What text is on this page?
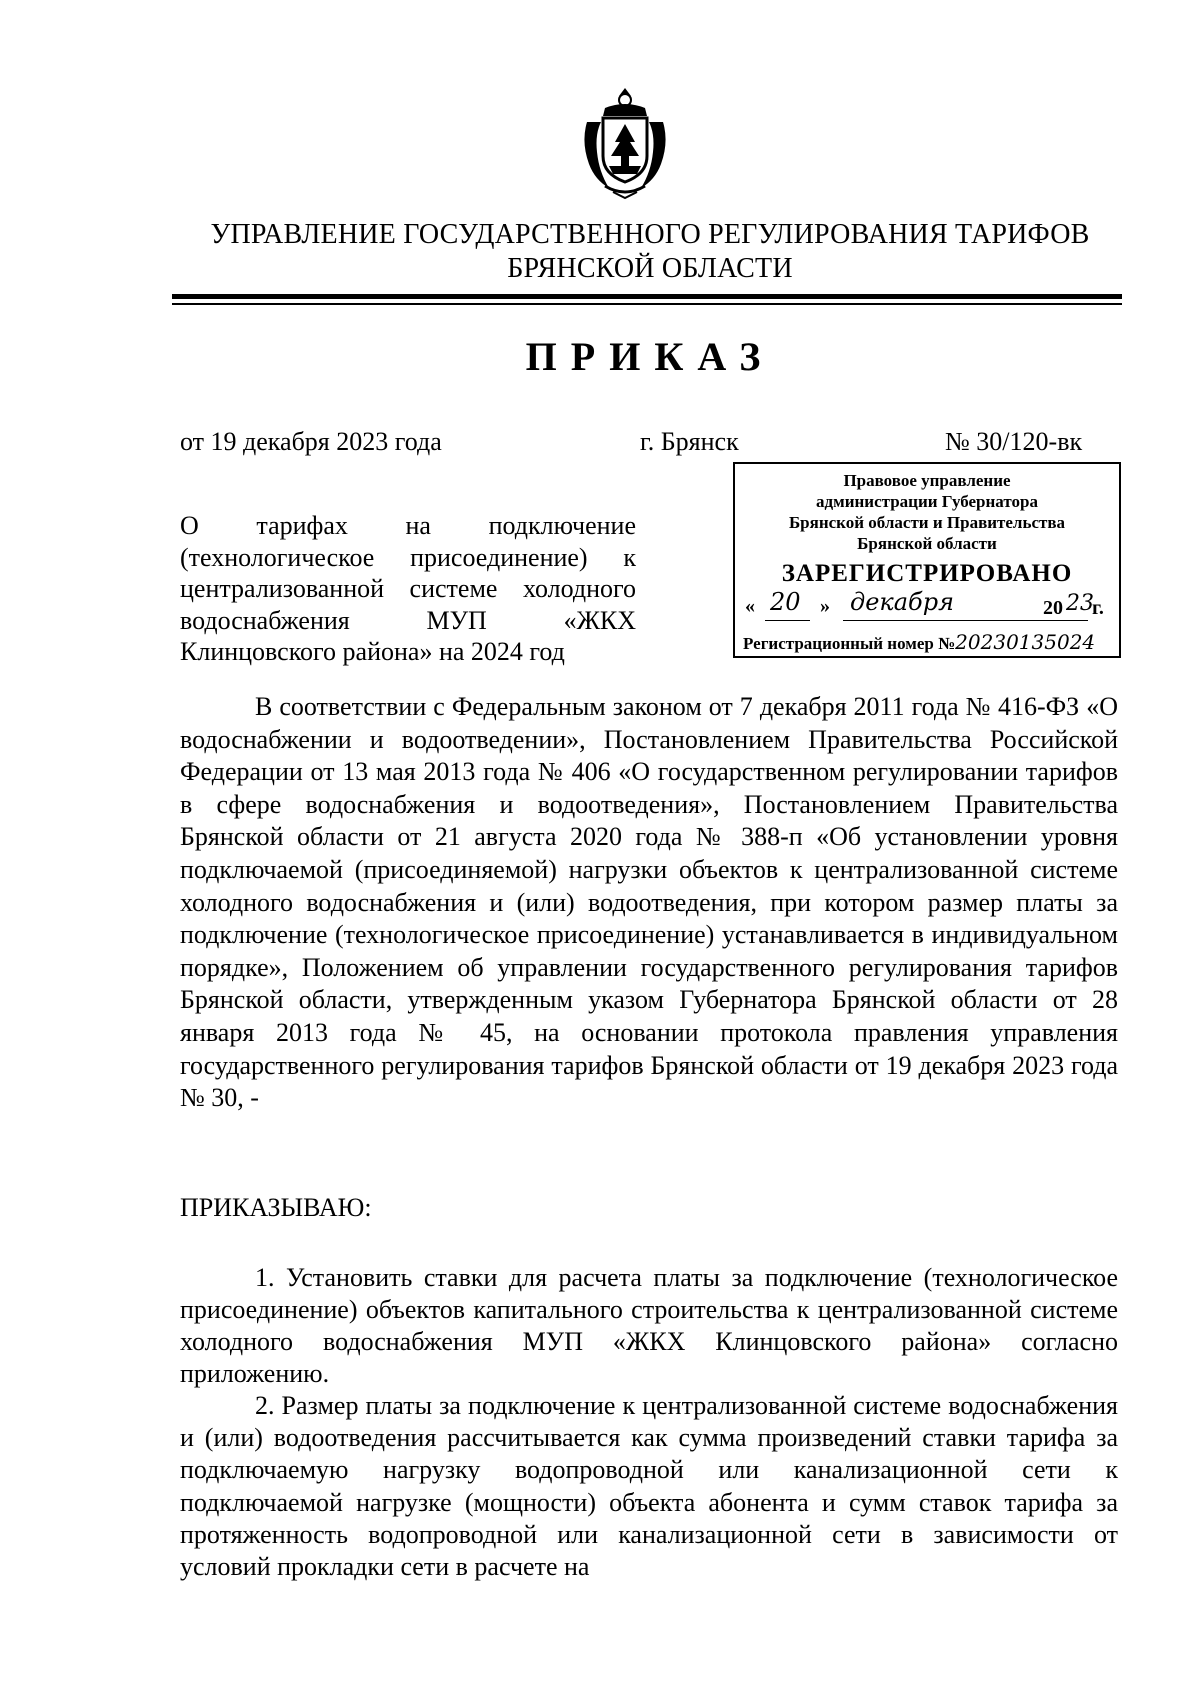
УПРАВЛЕНИЕ ГОСУДАРСТВЕННОГО РЕГУЛИРОВАНИЯ ТАРИФОВ
БРЯНСКОЙ ОБЛАСТИ
ПРИКАЗ
от 19 декабря 2023 года	г. Брянск	№ 30/120-вк
Правовое управление
администрации Губернатора
Брянской области и Правительства
Брянской области
ЗАРЕГИСТРИРОВАНО
« 20 » декабря	20 23
г.
Регистрационный номер №20230135024
О тарифах на подключение (технологическое присоединение) к централизованной системе холодного водоснабжения МУП «ЖКХ
Клинцовского района» на 2024 год
В соответствии с Федеральным законом от 7 декабря 2011 года № 416-ФЗ «О водоснабжении и водоотведении», Постановлением Правительства Российской Федерации от 13 мая 2013 года № 406 «О государственном регулировании тарифов в сфере водоснабжения и водоотведения», Постановлением Правительства Брянской области от 21 августа 2020 года № 388-п «Об установлении уровня подключаемой (присоединяемой) нагрузки объектов к централизованной системе холодного водоснабжения и (или) водоотведения, при котором размер платы за подключение (технологическое присоединение) устанавливается в индивидуальном порядке», Положением об управлении государственного регулирования тарифов Брянской области, утвержденным указом Губернатора Брянской области от 28 января 2013 года № 45, на основании протокола правления управления государственного регулирования тарифов Брянской области от 19 декабря 2023 года № 30, -
ПРИКАЗЫВАЮ:
1. Установить ставки для расчета платы за подключение (технологическое присоединение) объектов капитального строительства к централизованной системе холодного водоснабжения МУП «ЖКХ Клинцовского района» согласно приложению.
2. Размер платы за подключение к централизованной системе водоснабжения и (или) водоотведения рассчитывается как сумма произведений ставки тарифа за подключаемую нагрузку водопроводной или канализационной сети к подключаемой нагрузке (мощности) объекта абонента и сумм ставок тарифа за протяженность водопроводной или канализационной сети в зависимости от условий прокладки сети в расчете на
